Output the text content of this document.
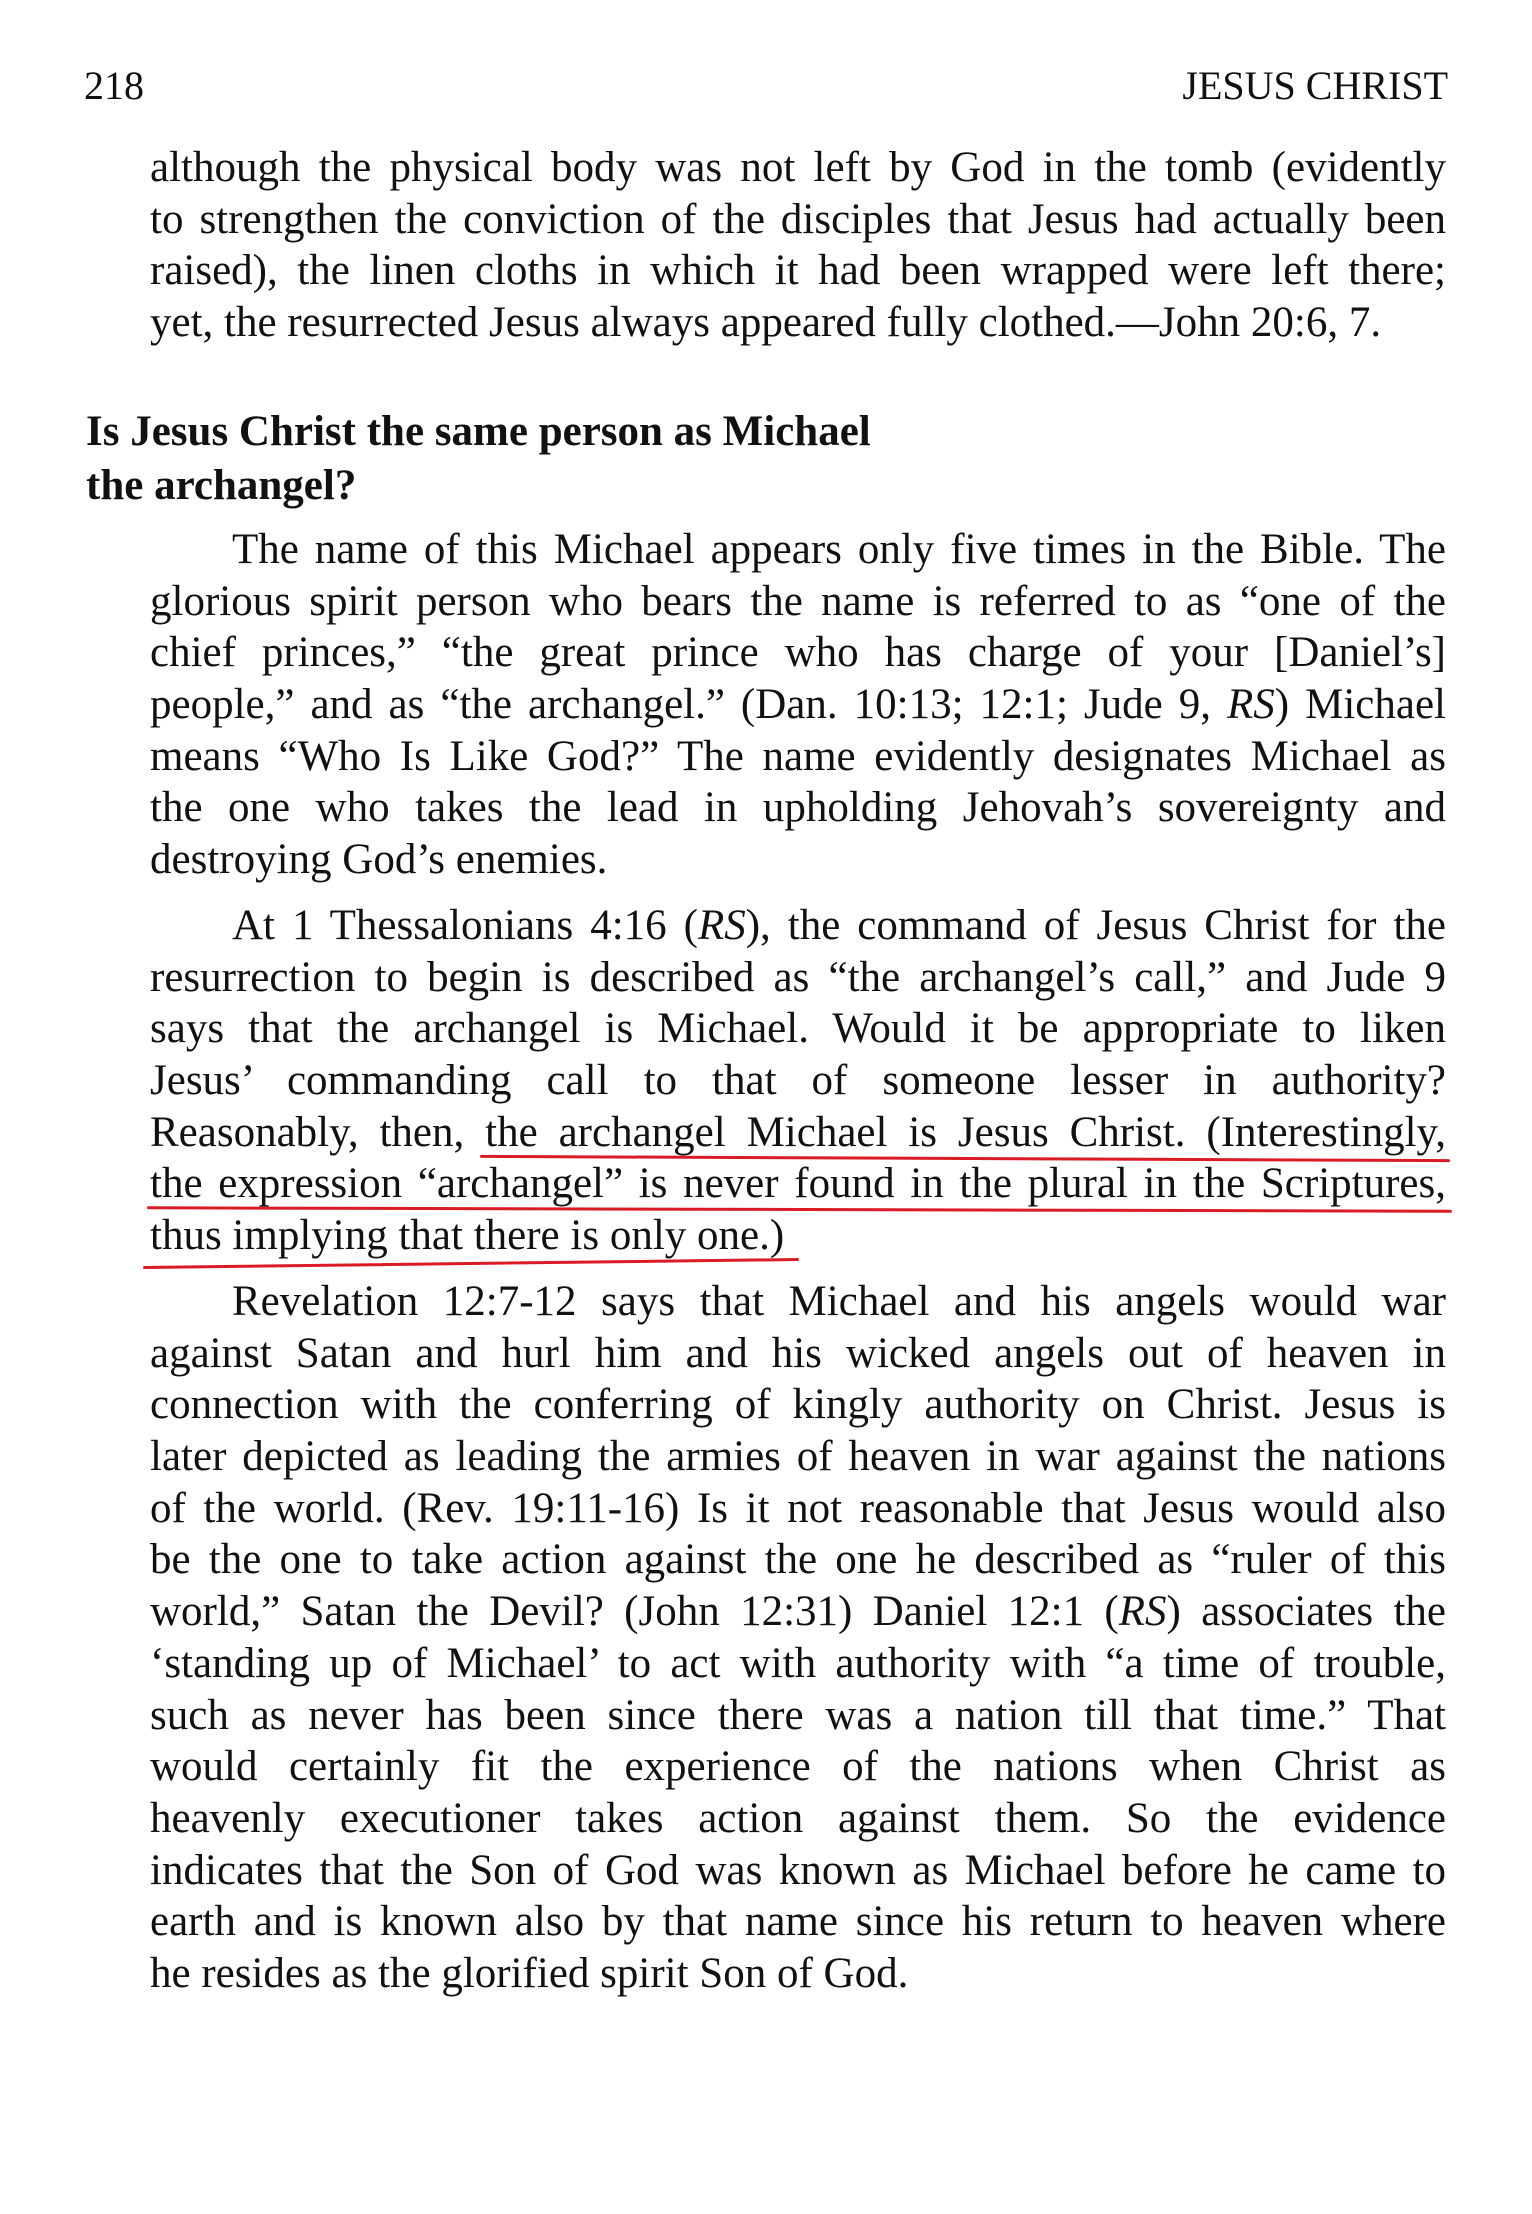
218	JESUS CHRIST
although the physical body was not left by God in the tomb (evidently
to strengthen the conviction of the disciples that Jesus had actually been
raised), the linen cloths in which it had been wrapped were left there;
yet, the resurrected Jesus always appeared fully clothed.—John 20:6, 7.
Is Jesus Christ the same person as Michael
the archangel?
The name of this Michael appears only five times in the Bible. The
glorious spirit person who bears the name is referred to as “one of the
chief princes,” “the great prince who has charge of your [Daniel’s]
people,” and as “the archangel.” (Dan. 10:13; 12:1; Jude 9, RS) Michael
means “Who Is Like God?” The name evidently designates Michael as
the one who takes the lead in upholding Jehovah’s sovereignty and
destroying God’s enemies.
At 1 Thessalonians 4:16 (RS), the command of Jesus Christ for the
resurrection to begin is described as “the archangel’s call,” and Jude 9
says that the archangel is Michael. Would it be appropriate to liken
Jesus’ commanding call to that of someone lesser in authority?
Reasonably, then, the archangel Michael is Jesus Christ. (Interestingly,
the expression “archangel” is never found in the plural in the Scriptures,
thus implying that there is only one.)
Revelation 12:7-12 says that Michael and his angels would war
against Satan and hurl him and his wicked angels out of heaven in
connection with the conferring of kingly authority on Christ. Jesus is
later depicted as leading the armies of heaven in war against the nations
of the world. (Rev. 19:11-16) Is it not reasonable that Jesus would also
be the one to take action against the one he described as “ruler of this
world,” Satan the Devil? (John 12:31) Daniel 12:1 (RS) associates the
‘standing up of Michael’ to act with authority with “a time of trouble,
such as never has been since there was a nation till that time.” That
would certainly fit the experience of the nations when Christ as
heavenly executioner takes action against them. So the evidence
indicates that the Son of God was known as Michael before he came to
earth and is known also by that name since his return to heaven where
he resides as the glorified spirit Son of God.
